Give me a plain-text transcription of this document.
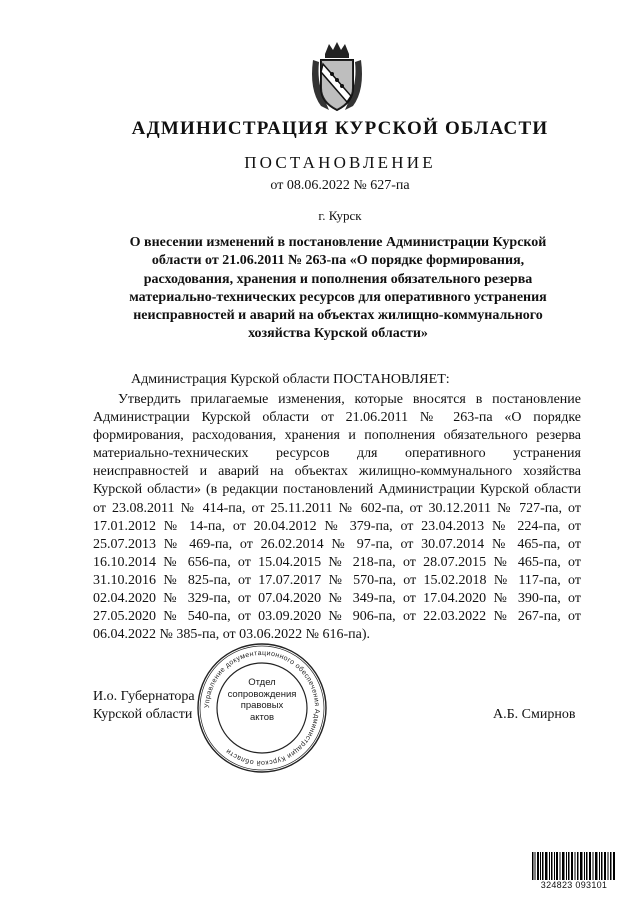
АДМИНИСТРАЦИЯ КУРСКОЙ ОБЛАСТИ
ПОСТАНОВЛЕНИЕ
от 08.06.2022 № 627-па
г. Курск
О внесении изменений в постановление Администрации Курской области от 21.06.2011 № 263-па «О порядке формирования, расходования, хранения и пополнения обязательного резерва материально-технических ресурсов для оперативного устранения неисправностей и аварий на объектах жилищно-коммунального хозяйства Курской области»
Администрация Курской области ПОСТАНОВЛЯЕТ:
Утвердить прилагаемые изменения, которые вносятся в постановление Администрации Курской области от 21.06.2011 № 263-па «О порядке формирования, расходования, хранения и пополнения обязательного резерва материально-технических ресурсов для оперативного устранения неисправностей и аварий на объектах жилищно-коммунального хозяйства Курской области» (в редакции постановлений Администрации Курской области от 23.08.2011 № 414-па, от 25.11.2011 № 602-па, от 30.12.2011 № 727-па, от 17.01.2012 № 14-па, от 20.04.2012 № 379-па, от 23.04.2013 № 224-па, от 25.07.2013 № 469-па, от 26.02.2014 № 97-па, от 30.07.2014 № 465-па, от 16.10.2014 № 656-па, от 15.04.2015 № 218-па, от 28.07.2015 № 465-па, от 31.10.2016 № 825-па, от 17.07.2017 № 570-па, от 15.02.2018 № 117-па, от 02.04.2020 № 329-па, от 07.04.2020 № 349-па, от 17.04.2020 № 390-па, от 27.05.2020 № 540-па, от 03.09.2020 № 906-па, от 22.03.2022 № 267-па, от 06.04.2022 № 385-па, от 03.06.2022 № 616-па).
И.о. Губернатора
Курской области	А.Б. Смирнов
Управление документационного обеспечения Администрации Курской области
Отдел
сопровождения
правовых
актов
324823 093101
